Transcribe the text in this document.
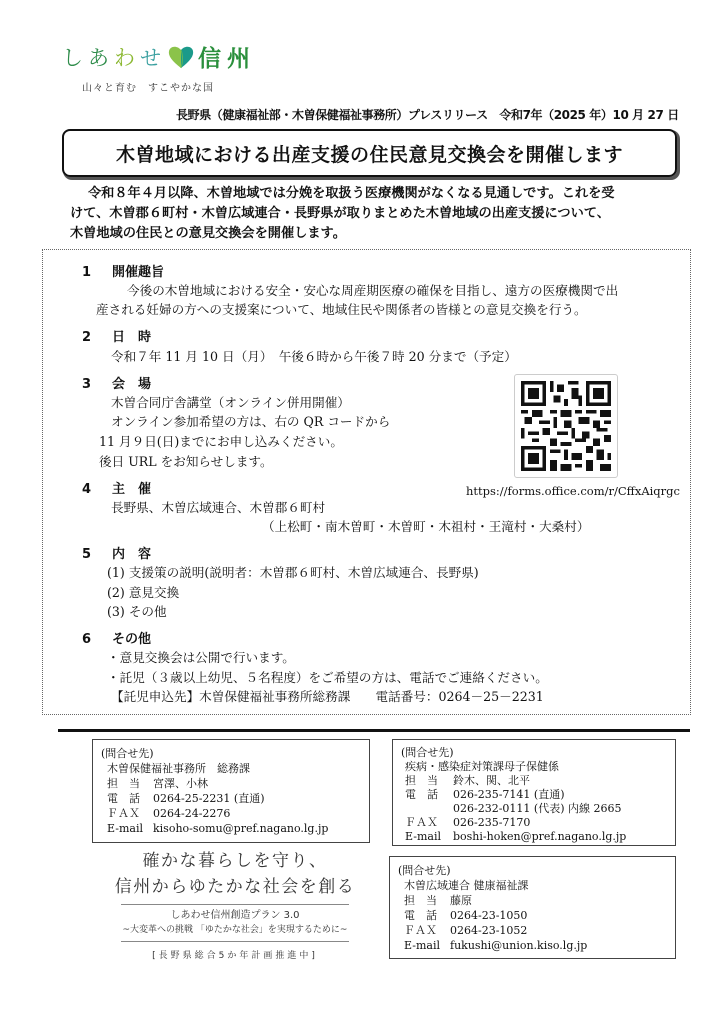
しあ わ せ 信州
山々と育む　すこやかな国
長野県（健康福祉部・木曽保健福祉事務所）プレスリリース　令和7年（2025 年）10 月 27 日
木曽地域における出産支援の住民意見交換会を開催します

令和８年４月以降、木曽地域では分娩を取扱う医療機関がなくなる見通しです。これを受

けて、木曽郡６町村・木曽広域連合・長野県が取りまとめた木曽地域の出産支援について、

木曽地域の住民との意見交換会を開催します。

1 開催趣旨
今後の木曽地域における安全・安心な周産期医療の確保を目指し、遠方の医療機関で出
産される妊婦の方への支援案について、地域住民や関係者の皆様との意見交換を行う。
2 日　時
令和７年 11 月 10 日（月）　午後６時から午後７時 20 分まで（予定）
3 会　場
木曽合同庁舎講堂（オンライン併用開催）
オンライン参加希望の方は、右の QR コードから
11 月９日(日)までにお申し込みください。
後日 URL をお知らせします。
https://forms.office.com/r/CffxAiqrgc
4 主　催
長野県、木曽広域連合、木曽郡６町村
（上松町・南木曽町・木曽町・木祖村・王滝村・大桑村）
5 内　容
(1) 支援策の説明(説明者：木曽郡６町村、木曽広域連合、長野県)
(2) 意見交換
(3) その他
6 その他
・意見交換会は公開で行います。
・託児（３歳以上幼児、５名程度）をご希望の方は、電話でご連絡ください。
【託児申込先】木曽保健福祉事務所総務課　　電話番号：0264－25－2231
(問合せ先)
木曽保健福祉事務所　総務課
担　当	宮澤、小林
電　話	0264-25-2231 (直通)
ＦＡＸ	0264-24-2276
E-mail kisoho-somu@pref.nagano.lg.jp
(問合せ先)
疾病・感染症対策課母子保健係
担　当	鈴木、関、北平
電　話	026-235-7141 (直通)
026-232-0111 (代表) 内線 2665
ＦＡＸ	026-235-7170
E-mail	boshi-hoken@pref.nagano.lg.jp
確かな暮らしを守り、
信州からゆたかな社会を創る
しあわせ信州創造プラン 3.0
~大変革への挑戦 「ゆたかな社会」を実現するために~
[長野県総合5か年計画推進中]
(問合せ先)
木曽広域連合 健康福祉課
担　当	藤原
電　話	0264-23-1050
ＦＡＸ	0264-23-1052
E-mail fukushi@union.kiso.lg.jp
